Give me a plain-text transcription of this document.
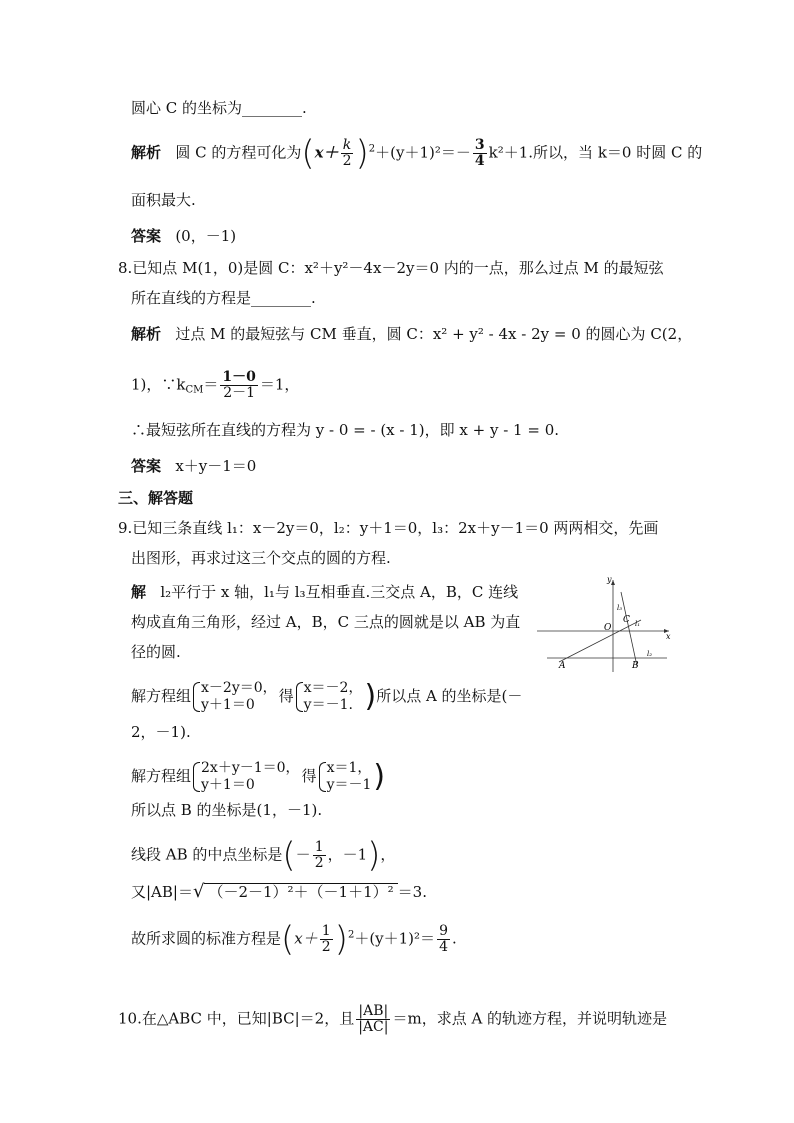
圆心 C 的坐标为________.
解析 圆 C 的方程可化为$(x+ \frac{k}{2} )^2+(y+1)^2=- \frac{3}{4} k^2+1$.所以，当 k＝0 时圆 C 的
面积最大.
答案 (0，－1)
8.已知点 M(1，0)是圆 C：x²＋y²－4x－2y＝0 内的一点，那么过点 M 的最短弦
所在直线的方程是________.
解析 过点 M 的最短弦与 CM 垂直，圆 C：x² + y² - 4x - 2y = 0 的圆心为 C(2，
1)，$\because k_{CM}= \frac{1-0}{2-1} =1$，
∴最短弦所在直线的方程为 y - 0 = - (x - 1)，即 x + y - 1 = 0.
答案 x＋y－1＝0
三、解答题
9.已知三条直线 l₁：x－2y＝0，l₂：y＋1＝0，l₃：2x＋y－1＝0 两两相交，先画
出图形，再求过这三个交点的圆的方程.
解 l₂平行于 x 轴，l₁与 l₃互相垂直.三交点 A，B，C 连线
构成直角三角形，经过 A，B，C 三点的圆就是以 AB 为直
径的圆.
解方程组 x－2y＝0，
y＋1＝0	得 x＝－2，
y＝－1. )所以点 A 的坐标是(－
2，－1).
解方程组 2x＋y－1＝0，
y＋1＝0	得 x＝1，
y＝－1 )
所以点 B 的坐标是(1，－1).
线段 AB 的中点坐标是(－ $\frac{1}{2}$ ，－1)，
又|AB|＝√ （－2－1）²＋（－1＋1）² ＝3.
故所求圆的标准方程是$(x+ \frac{1}{2} )^2+(y+1)^2= \frac{9}{4}$ .
10.在△ABC 中，已知|BC|＝2，且 $\frac{|AB|}{|AC|} =m$，求点 A 的轨迹方程，并说明轨迹是
y
x
O
C
A	B
l₁
l₂
l₃
